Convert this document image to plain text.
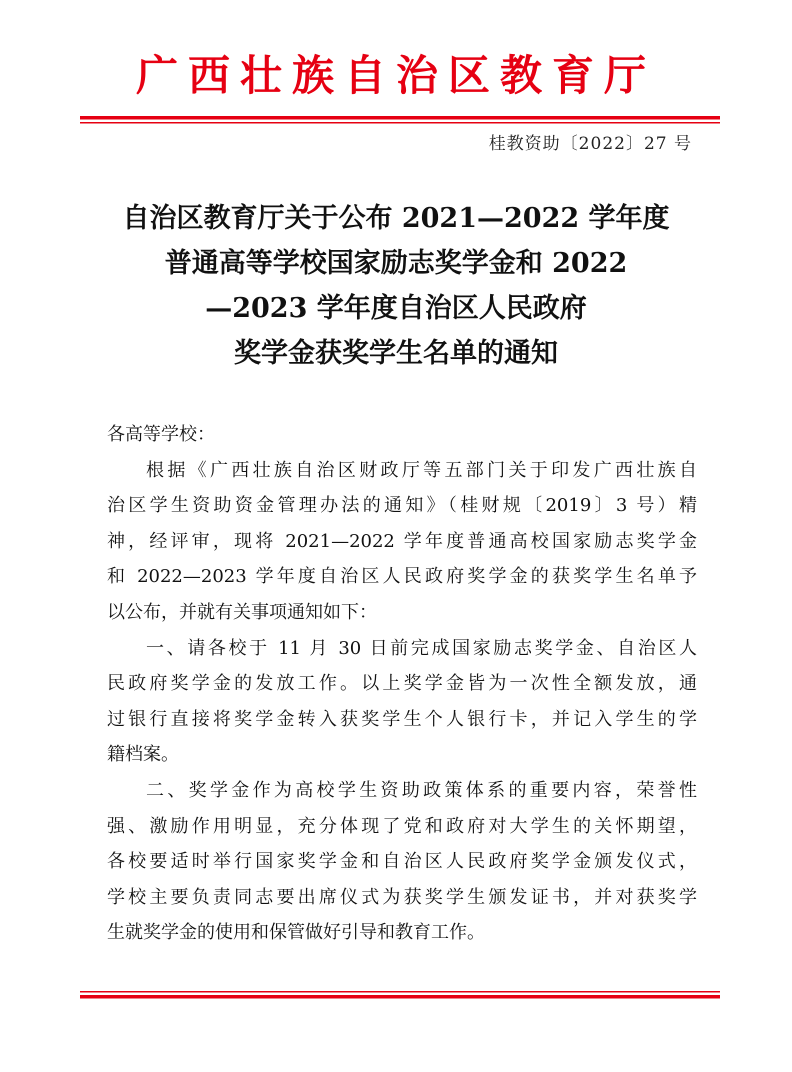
广西壮族自治区教育厅
桂教资助〔2022〕27 号
自治区教育厅关于公布 2021—2022 学年度
普通高等学校国家励志奖学金和 2022
—2023 学年度自治区人民政府
奖学金获奖学生名单的通知
各高等学校：
根据《广西壮族自治区财政厅等五部门关于印发广西壮族自
治区学生资助资金管理办法的通知》（桂财规〔2019〕3 号）精
神，经评审，现将 2021—2022 学年度普通高校国家励志奖学金
和 2022—2023 学年度自治区人民政府奖学金的获奖学生名单予
以公布，并就有关事项通知如下：
一、请各校于 11 月 30 日前完成国家励志奖学金、自治区人
民政府奖学金的发放工作。以上奖学金皆为一次性全额发放，通
过银行直接将奖学金转入获奖学生个人银行卡，并记入学生的学
籍档案。
二、奖学金作为高校学生资助政策体系的重要内容，荣誉性
强、激励作用明显，充分体现了党和政府对大学生的关怀期望，
各校要适时举行国家奖学金和自治区人民政府奖学金颁发仪式，
学校主要负责同志要出席仪式为获奖学生颁发证书，并对获奖学
生就奖学金的使用和保管做好引导和教育工作。
